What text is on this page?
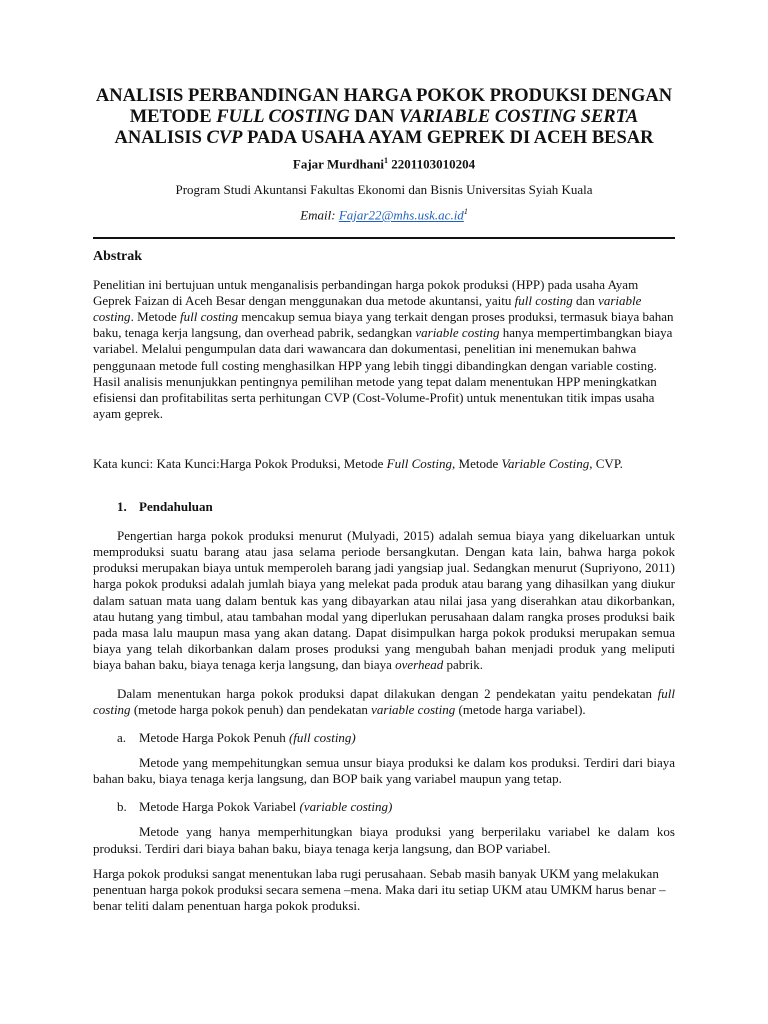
ANALISIS PERBANDINGAN HARGA POKOK PRODUKSI DENGAN
METODE FULL COSTING DAN VARIABLE COSTING SERTA
ANALISIS CVP PADA USAHA AYAM GEPREK DI ACEH BESAR
Fajar Murdhani$^1$ 2201103010204
Program Studi Akuntansi Fakultas Ekonomi dan Bisnis Universitas Syiah Kuala
Email: $Fajar22@mhs.usk.ac.id^1$
Abstrak

Penelitian ini bertujuan untuk menganalisis perbandingan harga pokok produksi (HPP) pada usaha Ayam Geprek Faizan di Aceh Besar dengan menggunakan dua metode akuntansi, yaitu full costing dan variable costing. Metode full costing mencakup semua biaya yang terkait dengan proses produksi, termasuk biaya bahan baku, tenaga kerja langsung, dan overhead pabrik, sedangkan variable costing hanya mempertimbangkan biaya variabel. Melalui pengumpulan data dari wawancara dan dokumentasi, penelitian ini menemukan bahwa penggunaan metode full costing menghasilkan HPP yang lebih tinggi dibandingkan dengan variable costing. Hasil analisis menunjukkan pentingnya pemilihan metode yang tepat dalam menentukan HPP meningkatkan efisiensi dan profitabilitas serta perhitungan CVP (Cost-Volume-Profit) untuk menentukan titik impas usaha ayam geprek.

Kata kunci: Kata Kunci:Harga Pokok Produksi, Metode Full Costing, Metode Variable Costing, CVP.

1. Pendahuluan

Pengertian harga pokok produksi menurut (Mulyadi, 2015) adalah semua biaya yang dikeluarkan untuk memproduksi suatu barang atau jasa selama periode bersangkutan. Dengan kata lain, bahwa harga pokok produksi merupakan biaya untuk memperoleh barang jadi yangsiap jual. Sedangkan menurut (Supriyono, 2011) harga pokok produksi adalah jumlah biaya yang melekat pada produk atau barang yang dihasilkan yang diukur dalam satuan mata uang dalam bentuk kas yang dibayarkan atau nilai jasa yang diserahkan atau dikorbankan, atau hutang yang timbul, atau tambahan modal yang diperlukan perusahaan dalam rangka proses produksi baik pada masa lalu maupun masa yang akan datang. Dapat disimpulkan harga pokok produksi merupakan semua biaya yang telah dikorbankan dalam proses produksi yang mengubah bahan menjadi produk yang meliputi biaya bahan baku, biaya tenaga kerja langsung, dan biaya overhead pabrik.

Dalam menentukan harga pokok produksi dapat dilakukan dengan 2 pendekatan yaitu pendekatan full costing (metode harga pokok penuh) dan pendekatan variable costing (metode harga variabel).

a. Metode Harga Pokok Penuh (full costing)

Metode yang mempehitungkan semua unsur biaya produksi ke dalam kos produksi. Terdiri dari biaya bahan baku, biaya tenaga kerja langsung, dan BOP baik yang variabel maupun yang tetap.

b. Metode Harga Pokok Variabel (variable costing)

Metode yang hanya memperhitungkan biaya produksi yang berperilaku variabel ke dalam kos produksi. Terdiri dari biaya bahan baku, biaya tenaga kerja langsung, dan BOP variabel.

Harga pokok produksi sangat menentukan laba rugi perusahaan. Sebab masih banyak UKM yang melakukan penentuan harga pokok produksi secara semena –mena. Maka dari itu setiap UKM atau UMKM harus benar –benar teliti dalam penentuan harga pokok produksi.
